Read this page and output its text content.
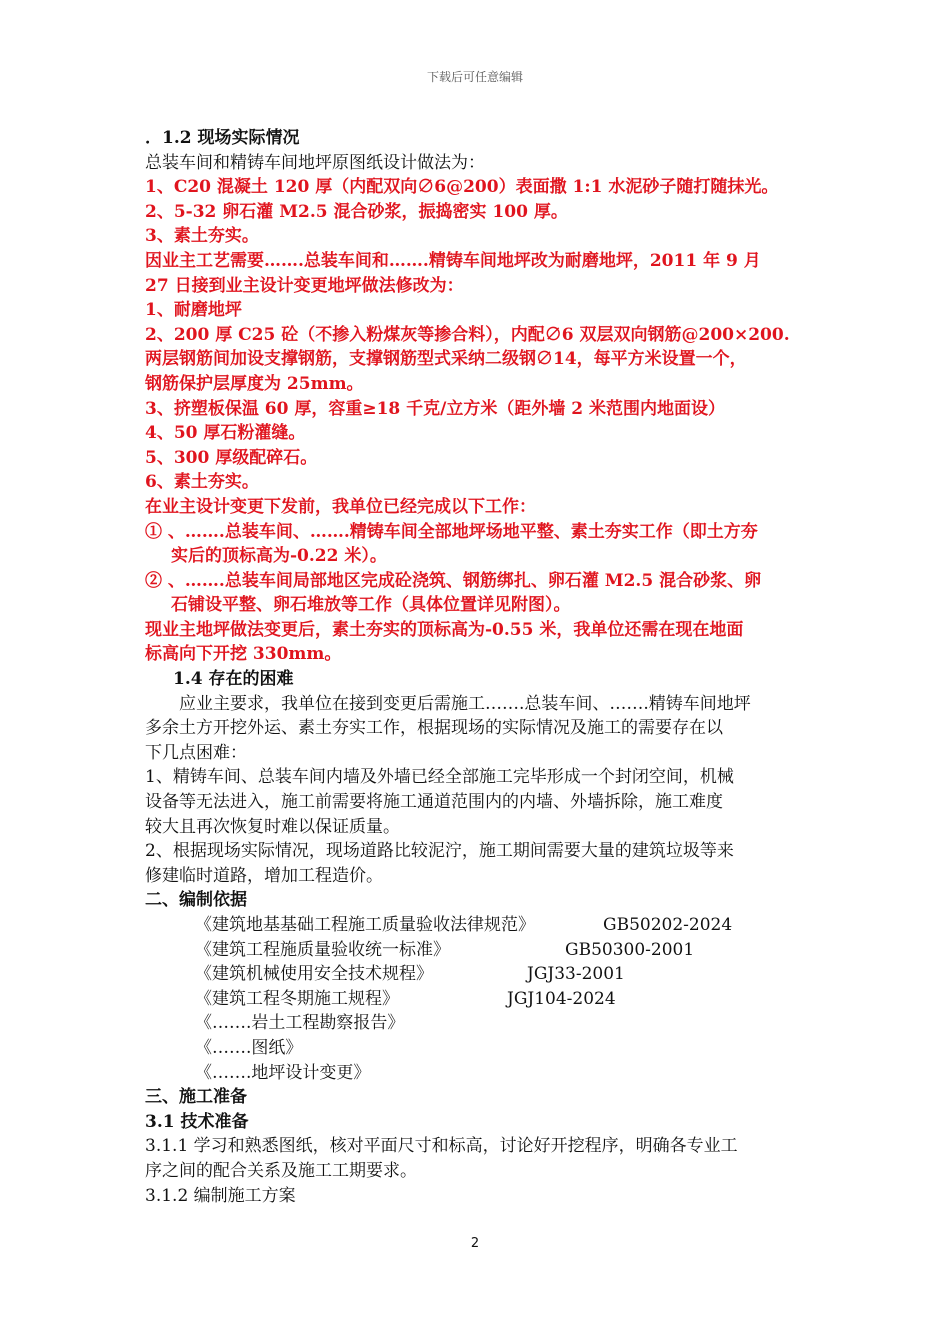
下载后可任意编辑

．1.2 现场实际情况

总装车间和精铸车间地坪原图纸设计做法为：

1、C20 混凝土 120 厚（内配双向∅6@200）表面撒 1:1 水泥砂子随打随抹光。

2、5-32 卵石灌 M2.5 混合砂浆，振捣密实 100 厚。

3、素土夯实。

因业主工艺需要…….总装车间和…….精铸车间地坪改为耐磨地坪，2011 年 9 月

27 日接到业主设计变更地坪做法修改为：

1、耐磨地坪

2、200 厚 C25 砼（不掺入粉煤灰等掺合料），内配∅6 双层双向钢筋@200×200.

两层钢筋间加设支撑钢筋，支撑钢筋型式采纳二级钢∅14，每平方米设置一个，

钢筋保护层厚度为 25mm。

3、挤塑板保温 60 厚，容重≥18 千克/立方米（距外墙 2 米范围内地面设）

4、50 厚石粉灌缝。

5、300 厚级配碎石。

6、素土夯实。

在业主设计变更下发前，我单位已经完成以下工作：

① 、…….总装车间、…….精铸车间全部地坪场地平整、素土夯实工作（即土方夯

实后的顶标高为-0.22 米）。

② 、…….总装车间局部地区完成砼浇筑、钢筋绑扎、卵石灌 M2.5 混合砂浆、卵

石铺设平整、卵石堆放等工作（具体位置详见附图）。

现业主地坪做法变更后，素土夯实的顶标高为-0.55 米，我单位还需在现在地面

标高向下开挖 330mm。

1.4 存在的困难

应业主要求，我单位在接到变更后需施工…….总装车间、…….精铸车间地坪

多余土方开挖外运、素土夯实工作，根据现场的实际情况及施工的需要存在以

下几点困难：

1、精铸车间、总装车间内墙及外墙已经全部施工完毕形成一个封闭空间，机械

设备等无法进入，施工前需要将施工通道范围内的内墙、外墙拆除，施工难度

较大且再次恢复时难以保证质量。

2、根据现场实际情况，现场道路比较泥泞，施工期间需要大量的建筑垃圾等来

修建临时道路，增加工程造价。

二、编制依据

《建筑地基基础工程施工质量验收法律规范》	GB50202-2024
《建筑工程施质量验收统一标准》	GB50300-2001
《建筑机械使用安全技术规程》	JGJ33-2001
《建筑工程冬期施工规程》	JGJ104-2024
《…….岩土工程勘察报告》
《…….图纸》
《…….地坪设计变更》

三、施工准备

3.1 技术准备

3.1.1 学习和熟悉图纸，核对平面尺寸和标高，讨论好开挖程序，明确各专业工

序之间的配合关系及施工工期要求。

3.1.2 编制施工方案

2
